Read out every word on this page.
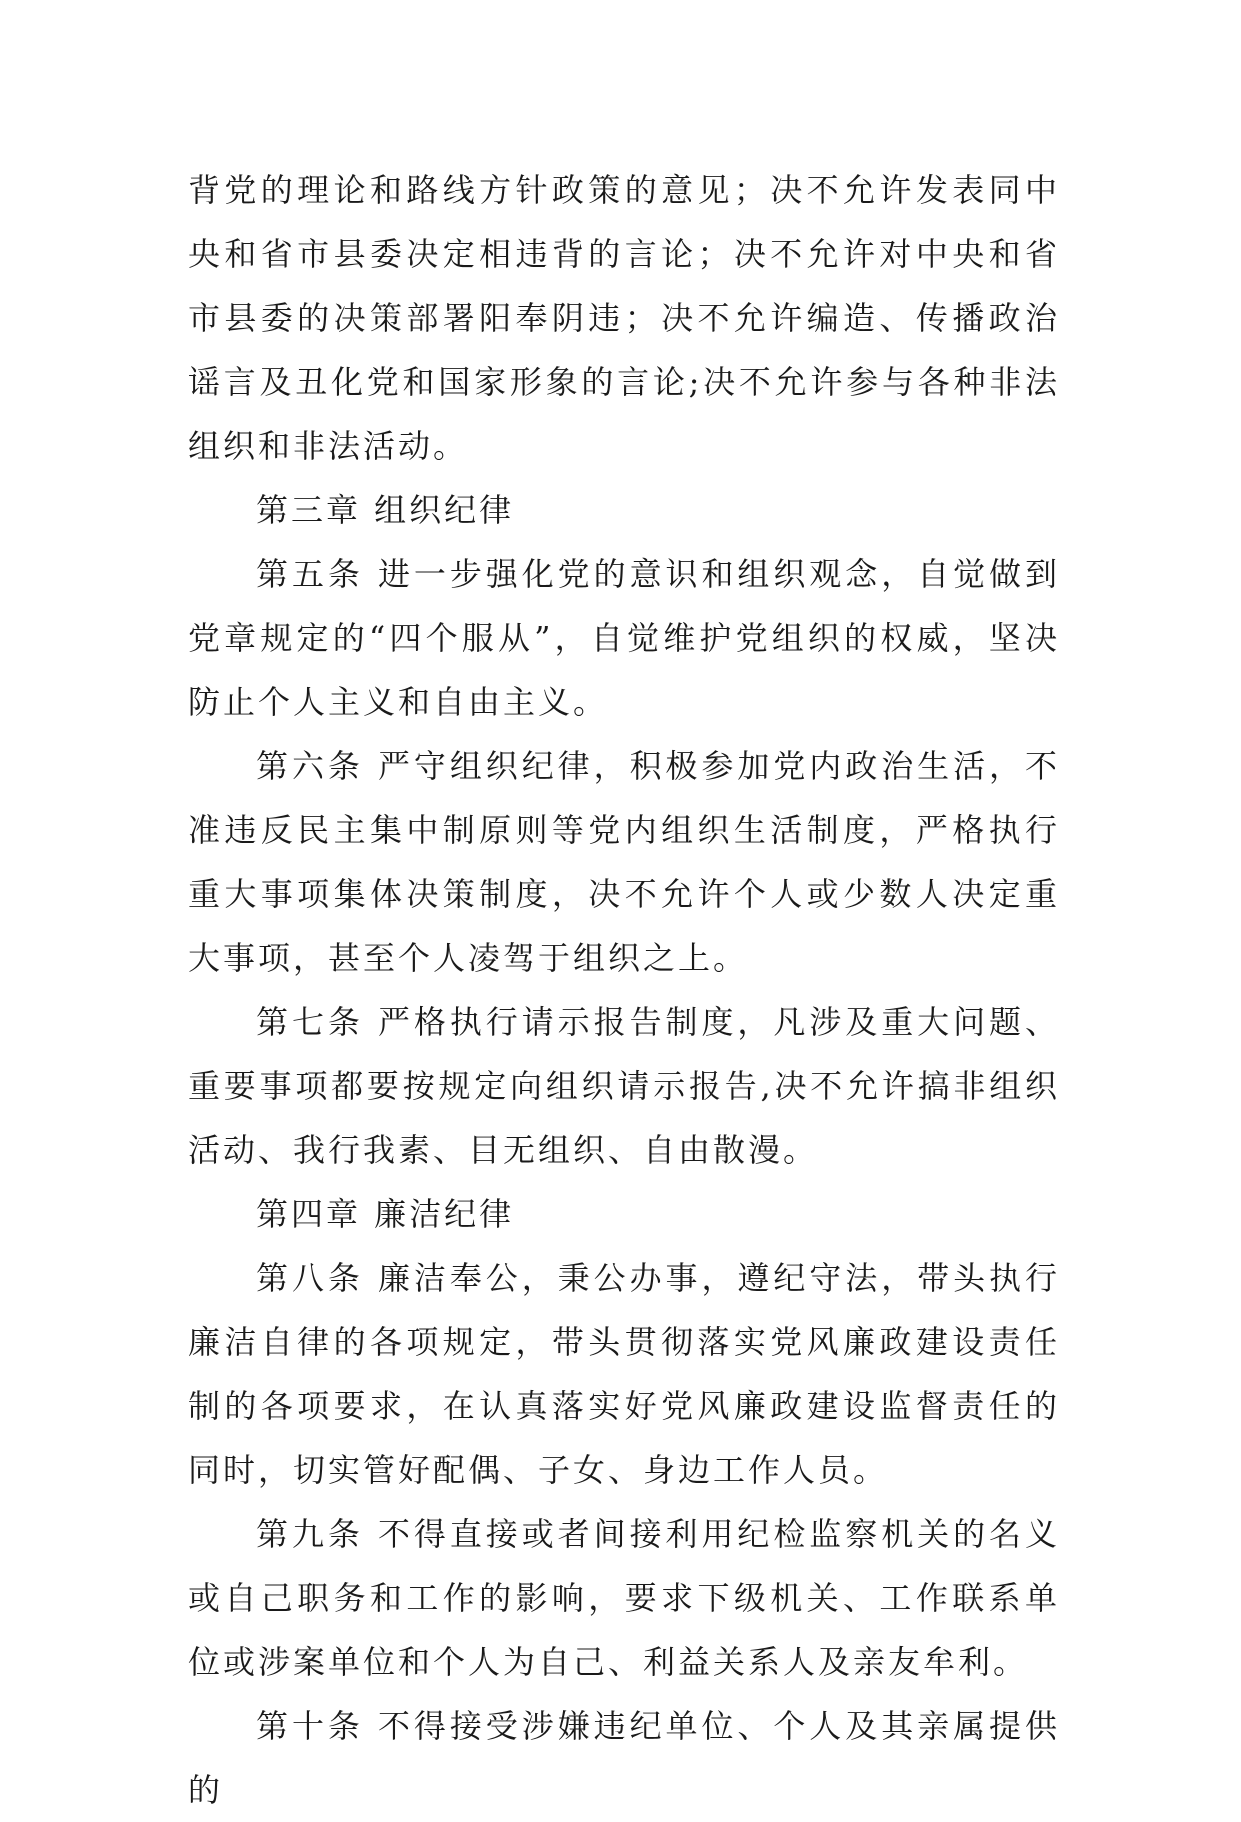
背党的理论和路线方针政策的意见；决不允许发表同中央和省市县委决定相违背的言论；决不允许对中央和省市县委的决策部署阳奉阴违；决不允许编造、传播政治谣言及丑化党和国家形象的言论;决不允许参与各种非法组织和非法活动。

第三章 组织纪律

第五条 进一步强化党的意识和组织观念，自觉做到党章规定的“四个服从”，自觉维护党组织的权威，坚决防止个人主义和自由主义。

第六条 严守组织纪律，积极参加党内政治生活，不准违反民主集中制原则等党内组织生活制度，严格执行重大事项集体决策制度，决不允许个人或少数人决定重大事项，甚至个人凌驾于组织之上。

第七条 严格执行请示报告制度，凡涉及重大问题、重要事项都要按规定向组织请示报告,决不允许搞非组织活动、我行我素、目无组织、自由散漫。

第四章 廉洁纪律

第八条 廉洁奉公，秉公办事，遵纪守法，带头执行廉洁自律的各项规定，带头贯彻落实党风廉政建设责任制的各项要求，在认真落实好党风廉政建设监督责任的同时，切实管好配偶、子女、身边工作人员。

第九条 不得直接或者间接利用纪检监察机关的名义或自己职务和工作的影响，要求下级机关、工作联系单位或涉案单位和个人为自己、利益关系人及亲友牟利。

第十条 不得接受涉嫌违纪单位、个人及其亲属提供的
